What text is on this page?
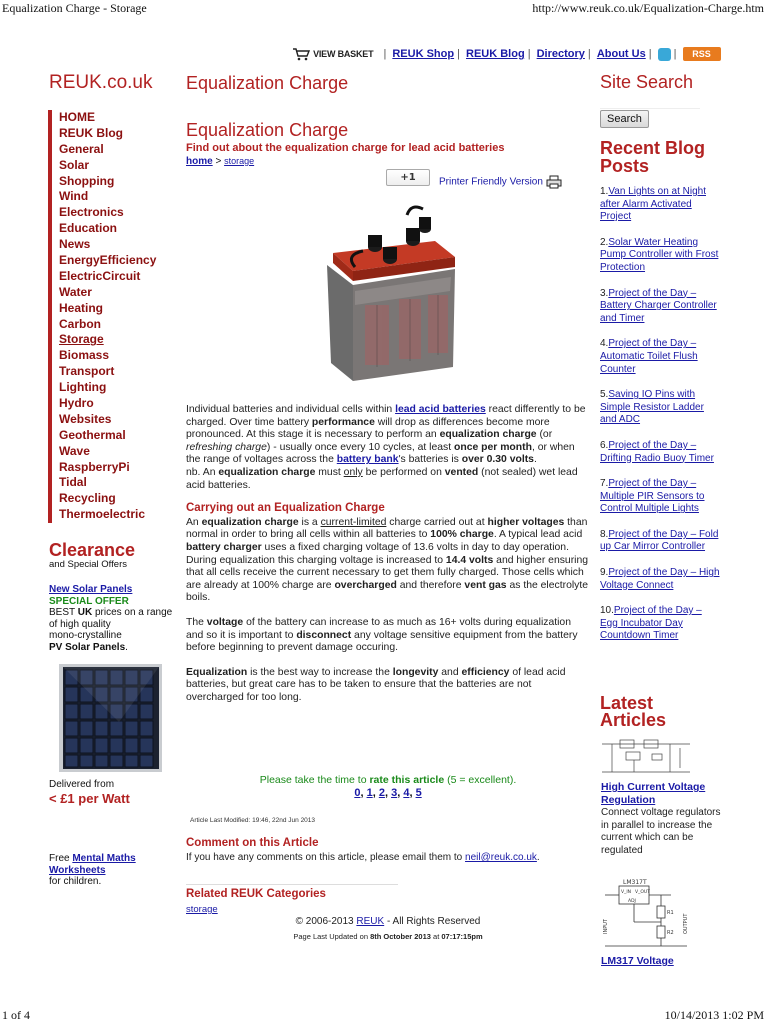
Equalization Charge - Storage	http://www.reuk.co.uk/Equalization-Charge.htm
VIEW BASKET | REUK Shop | REUK Blog | Directory | About Us | | RSS
REUK.co.uk
HOME
REUK Blog
General
Solar
Shopping
Wind
Electronics
Education
News
EnergyEfficiency
ElectricCircuit
Water
Heating
Carbon
Storage
Biomass
Transport
Lighting
Hydro
Websites
Geothermal
Wave
RaspberryPi
Tidal
Recycling
Thermoelectric
Clearance
and Special Offers
New Solar Panels
SPECIAL OFFER
BEST UK prices on a range
of high quality
mono-crystalline
PV Solar Panels.
Delivered from
< £1 per Watt
Free Mental Maths Worksheets
for children.
Equalization Charge
Equalization Charge
Find out about the equalization charge for lead acid batteries
home > storage
+1	Printer Friendly Version
Individual batteries and individual cells within lead acid batteries react differently to be charged. Over time battery performance will drop as differences become more pronounced. At this stage it is necessary to perform an equalization charge (or refreshing charge) - usually once every 10 cycles, at least once per month, or when the range of voltages across the battery bank's batteries is over 0.30 volts.
nb. An equalization charge must only be performed on vented (not sealed) wet lead acid batteries.
Carrying out an Equalization Charge
An equalization charge is a current-limited charge carried out at higher voltages than normal in order to bring all cells within all batteries to 100% charge. A typical lead acid battery charger uses a fixed charging voltage of 13.6 volts in day to day operation. During equalization this charging voltage is increased to 14.4 volts and higher ensuring that all cells receive the current necessary to get them fully charged. Those cells which are already at 100% charge are overcharged and therefore vent gas as the electrolyte boils.
The voltage of the battery can increase to as much as 16+ volts during equalization and so it is important to disconnect any voltage sensitive equipment from the battery before beginning to prevent damage occuring.
Equalization is the best way to increase the longevity and efficiency of lead acid batteries, but great care has to be taken to ensure that the batteries are not overcharged for too long.
Please take the time to rate this article (5 = excellent).
0, 1, 2, 3, 4, 5
Article Last Modified: 19:46, 22nd Jun 2013
Comment on this Article
If you have any comments on this article, please email them to neil@reuk.co.uk.
Related REUK Categories
storage
© 2006-2013 REUK - All Rights Reserved
Page Last Updated on 8th October 2013 at 07:17:15pm
Site Search
Search
Recent Blog Posts
1.Van Lights on at Night after Alarm Activated Project
2.Solar Water Heating Pump Controller with Frost Protection
3.Project of the Day – Battery Charger Controller and Timer
4.Project of the Day – Automatic Toilet Flush Counter
5.Saving IO Pins with Simple Resistor Ladder and ADC
6.Project of the Day – Drifting Radio Buoy Timer
7.Project of the Day – Multiple PIR Sensors to Control Multiple Lights
8.Project of the Day – Fold up Car Mirror Controller
9.Project of the Day – High Voltage Connect
10.Project of the Day – Egg Incubator Day Countdown Timer
Latest Articles
High Current Voltage Regulation
Connect voltage regulators in parallel to increase the current which can be regulated
LM317T
V_IN V_OUT
ADJ
R1
R2
INPUT	OUTPUT
LM317 Voltage
1 of 4	10/14/2013 1:02 PM
